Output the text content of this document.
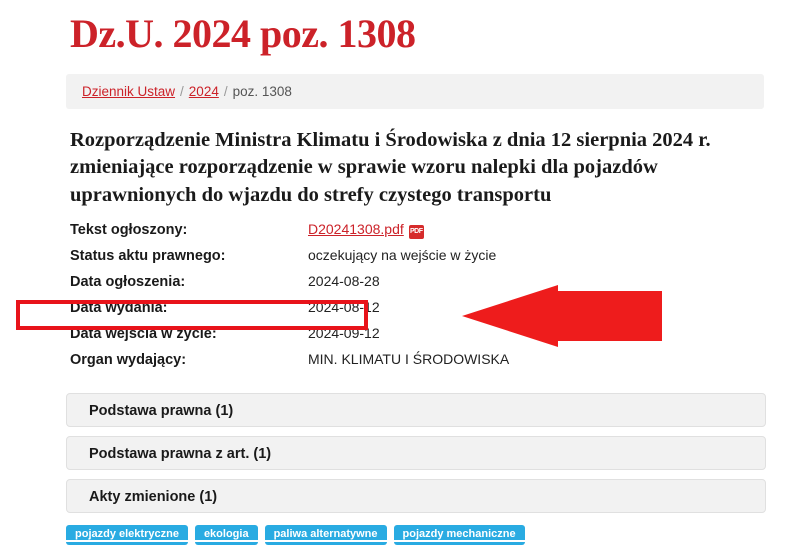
Dz.U. 2024 poz. 1308
Dziennik Ustaw / 2024 / poz. 1308
Rozporządzenie Ministra Klimatu i Środowiska z dnia 12 sierpnia 2024 r. zmieniające rozporządzenie w sprawie wzoru nalepki dla pojazdów uprawnionych do wjazdu do strefy czystego transportu
Tekst ogłoszony:	D20241308.pdf PDF
Status aktu prawnego:	oczekujący na wejście w życie
Data ogłoszenia:	2024-08-28
Data wydania:	2024-08-12
Data wejścia w życie:	2024-09-12
Organ wydający:	MIN. KLIMATU I ŚRODOWISKA
Podstawa prawna (1)
Podstawa prawna z art. (1)
Akty zmienione (1)
pojazdy elektryczne	ekologia	paliwa alternatywne	pojazdy mechaniczne
